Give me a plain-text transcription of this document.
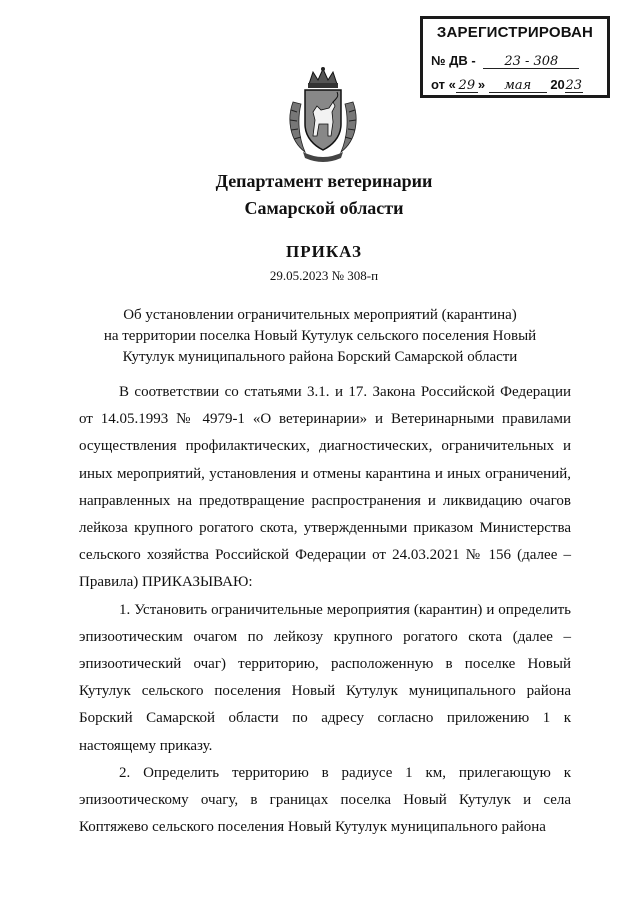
ЗАРЕГИСТРИРОВАН
№ ДВ - 23 - 308
от « 29 » мая 2023
Департамент ветеринарии
Самарской области
ПРИКАЗ
29.05.2023 № 308-п
Об установлении ограничительных мероприятий (карантина)
на территории поселка Новый Кутулук сельского поселения Новый
Кутулук муниципального района Борский Самарской области

В соответствии со статьями 3.1. и 17. Закона Российской Федерации от 14.05.1993 № 4979-1 «О ветеринарии» и Ветеринарными правилами осуществления профилактических, диагностических, ограничительных и иных мероприятий, установления и отмены карантина и иных ограничений, направленных на предотвращение распространения и ликвидацию очагов лейкоза крупного рогатого скота, утвержденными приказом Министерства сельского хозяйства Российской Федерации от 24.03.2021 № 156 (далее – Правила) ПРИКАЗЫВАЮ:

1. Установить ограничительные мероприятия (карантин) и определить эпизоотическим очагом по лейкозу крупного рогатого скота (далее – эпизоотический очаг) территорию, расположенную в поселке Новый Кутулук сельского поселения Новый Кутулук муниципального района Борский Самарской области по адресу согласно приложению 1 к настоящему приказу.

2. Определить территорию в радиусе 1 км, прилегающую к эпизоотическому очагу, в границах поселка Новый Кутулук и села Коптяжево сельского поселения Новый Кутулук муниципального района
